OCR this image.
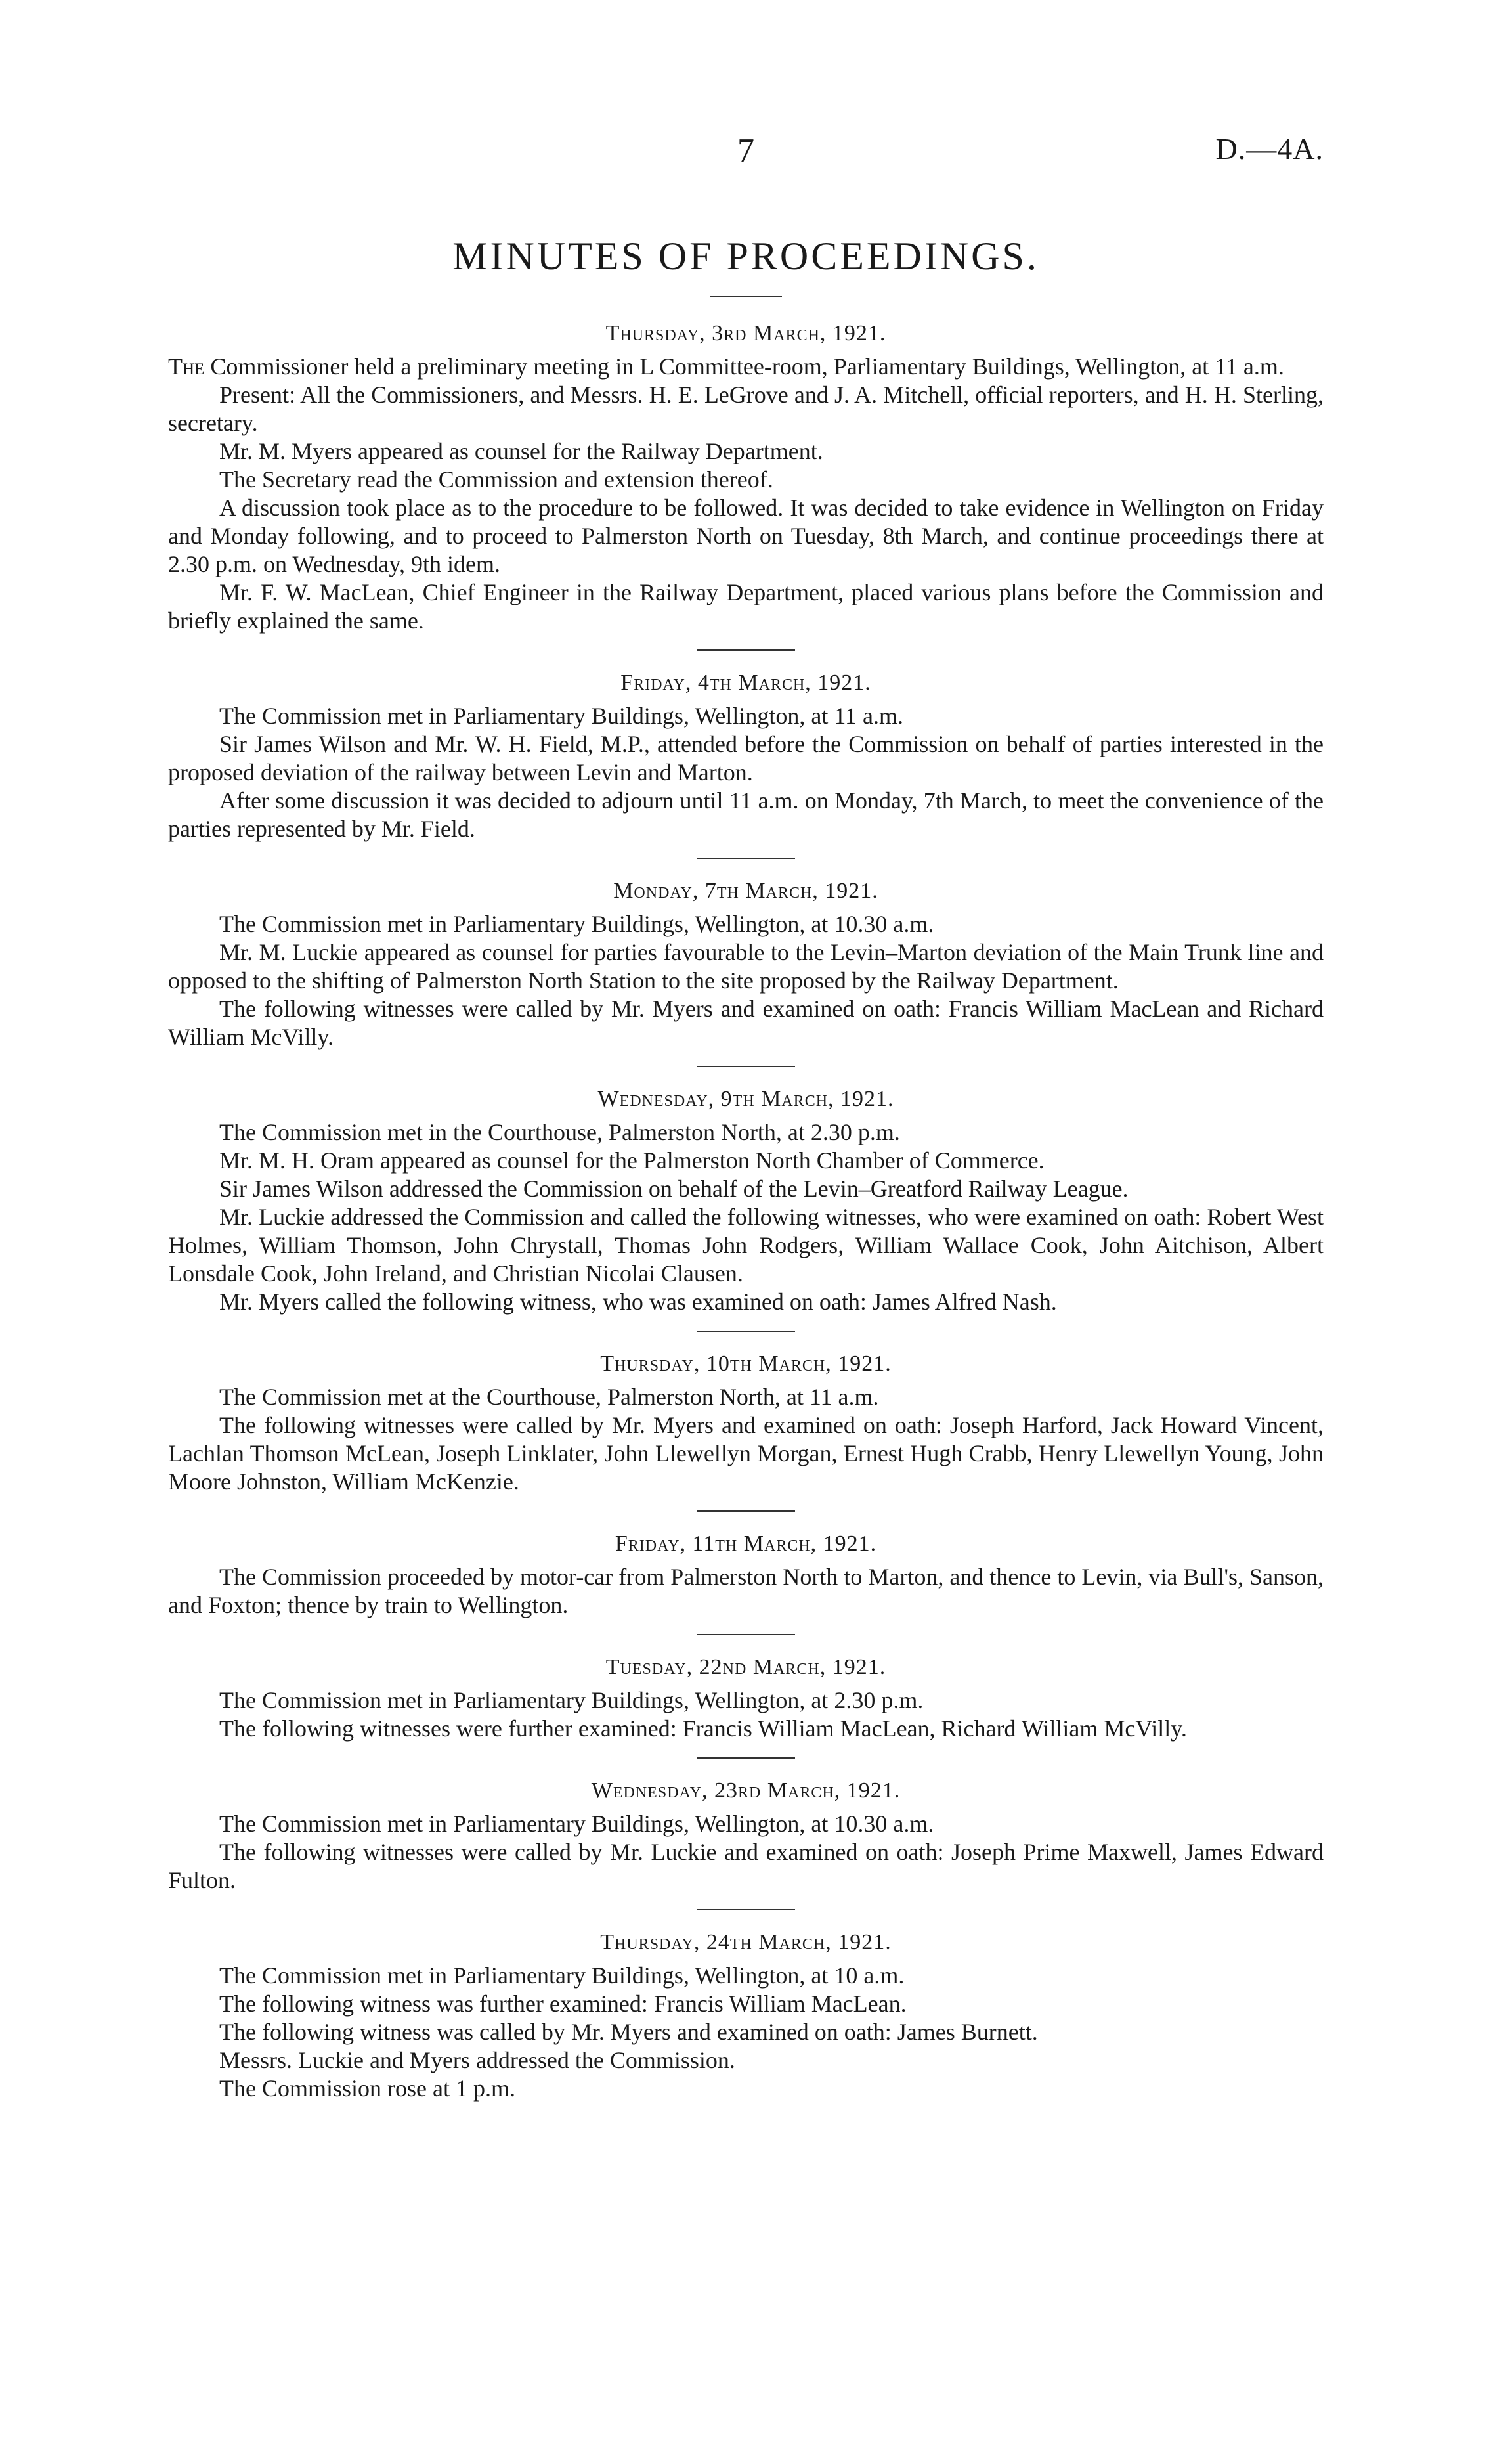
7	D.—4A.
MINUTES OF PROCEEDINGS.
Thursday, 3rd March, 1921.

The Commissioner held a preliminary meeting in L Committee-room, Parliamentary Buildings, Wellington, at 11 a.m.

Present: All the Commissioners, and Messrs. H. E. LeGrove and J. A. Mitchell, official reporters, and H. H. Sterling, secretary.

Mr. M. Myers appeared as counsel for the Railway Department.

The Secretary read the Commission and extension thereof.

A discussion took place as to the procedure to be followed. It was decided to take evidence in Wellington on Friday and Monday following, and to proceed to Palmerston North on Tuesday, 8th March, and continue proceedings there at 2.30 p.m. on Wednesday, 9th idem.

Mr. F. W. MacLean, Chief Engineer in the Railway Department, placed various plans before the Commission and briefly explained the same.

Friday, 4th March, 1921.

The Commission met in Parliamentary Buildings, Wellington, at 11 a.m.

Sir James Wilson and Mr. W. H. Field, M.P., attended before the Commission on behalf of parties interested in the proposed deviation of the railway between Levin and Marton.

After some discussion it was decided to adjourn until 11 a.m. on Monday, 7th March, to meet the convenience of the parties represented by Mr. Field.

Monday, 7th March, 1921.

The Commission met in Parliamentary Buildings, Wellington, at 10.30 a.m.

Mr. M. Luckie appeared as counsel for parties favourable to the Levin–Marton deviation of the Main Trunk line and opposed to the shifting of Palmerston North Station to the site proposed by the Railway Department.

The following witnesses were called by Mr. Myers and examined on oath: Francis William MacLean and Richard William McVilly.

Wednesday, 9th March, 1921.

The Commission met in the Courthouse, Palmerston North, at 2.30 p.m.

Mr. M. H. Oram appeared as counsel for the Palmerston North Chamber of Commerce.

Sir James Wilson addressed the Commission on behalf of the Levin–Greatford Railway League.

Mr. Luckie addressed the Commission and called the following witnesses, who were examined on oath: Robert West Holmes, William Thomson, John Chrystall, Thomas John Rodgers, William Wallace Cook, John Aitchison, Albert Lonsdale Cook, John Ireland, and Christian Nicolai Clausen.

Mr. Myers called the following witness, who was examined on oath: James Alfred Nash.

Thursday, 10th March, 1921.

The Commission met at the Courthouse, Palmerston North, at 11 a.m.

The following witnesses were called by Mr. Myers and examined on oath: Joseph Harford, Jack Howard Vincent, Lachlan Thomson McLean, Joseph Linklater, John Llewellyn Morgan, Ernest Hugh Crabb, Henry Llewellyn Young, John Moore Johnston, William McKenzie.

Friday, 11th March, 1921.

The Commission proceeded by motor-car from Palmerston North to Marton, and thence to Levin, via Bull's, Sanson, and Foxton; thence by train to Wellington.

Tuesday, 22nd March, 1921.

The Commission met in Parliamentary Buildings, Wellington, at 2.30 p.m.

The following witnesses were further examined: Francis William MacLean, Richard William McVilly.

Wednesday, 23rd March, 1921.

The Commission met in Parliamentary Buildings, Wellington, at 10.30 a.m.

The following witnesses were called by Mr. Luckie and examined on oath: Joseph Prime Maxwell, James Edward Fulton.

Thursday, 24th March, 1921.

The Commission met in Parliamentary Buildings, Wellington, at 10 a.m.

The following witness was further examined: Francis William MacLean.

The following witness was called by Mr. Myers and examined on oath: James Burnett.

Messrs. Luckie and Myers addressed the Commission.

The Commission rose at 1 p.m.
